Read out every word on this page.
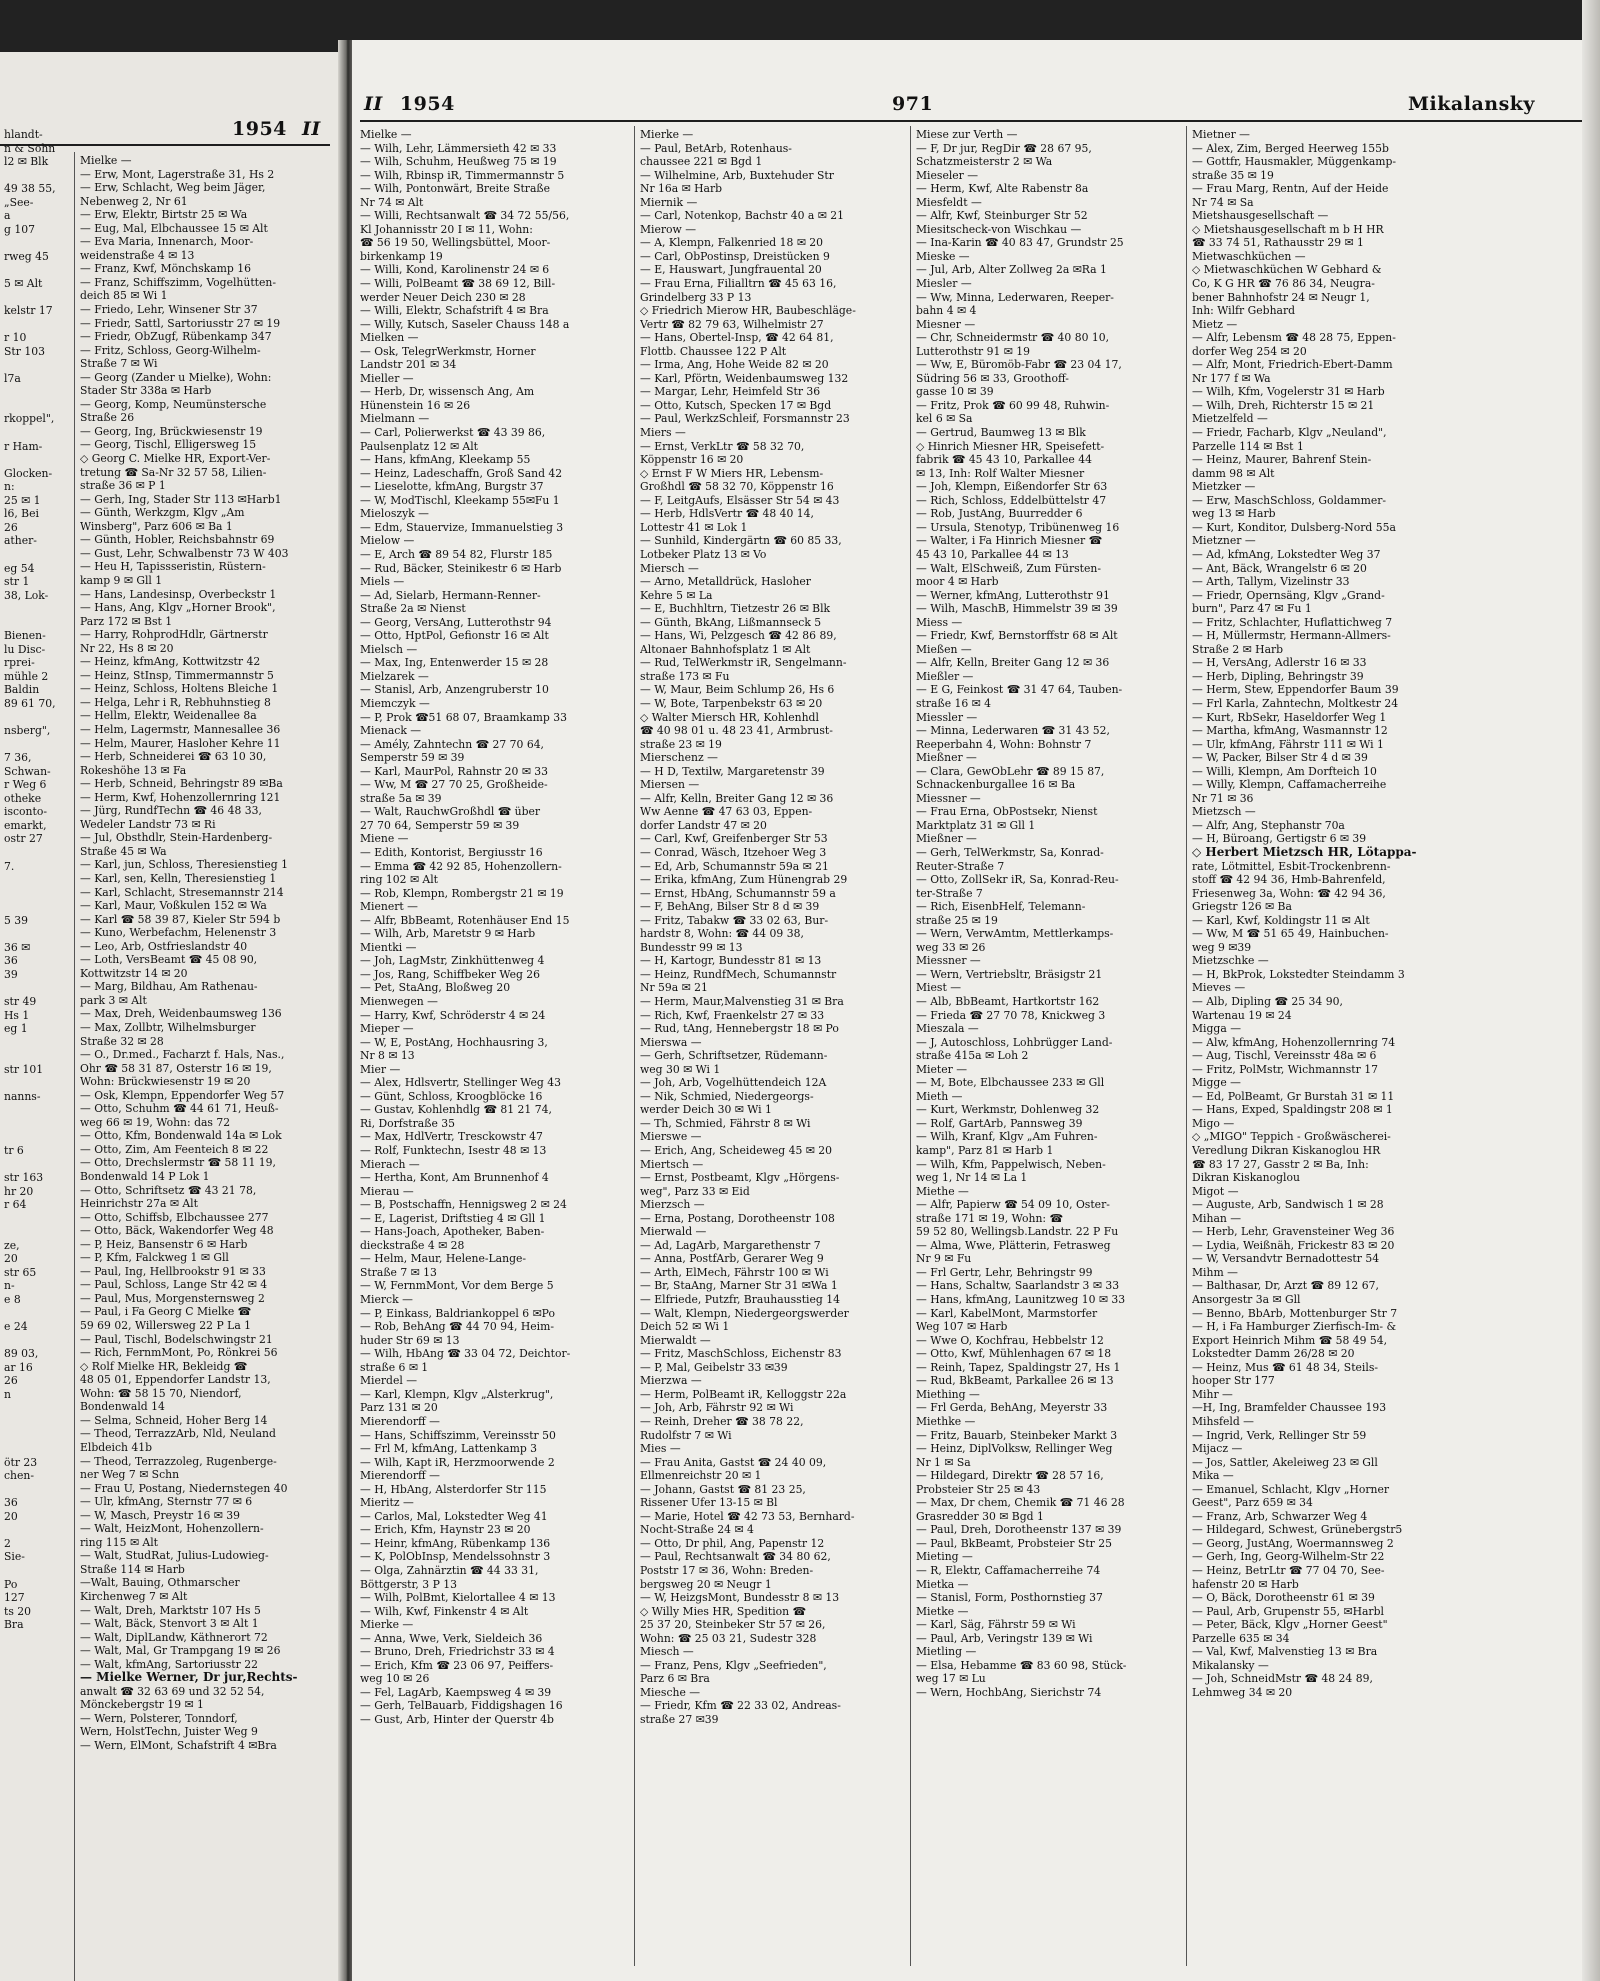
1954 II
hlandt-
n & Sohn
l2 ✉ Blk

49 38 55,
„See-
a
g 107

rweg 45

5 ✉ Alt

kelstr 17

r 10
Str 103

l7a

rkoppel",

r Ham-

Glocken-
n:
25 ✉ 1
l6, Bei
26
ather-

eg 54
str 1
38, Lok-

Bienen-
lu Disc-
rprei-
mühle 2
Baldin
89 61 70,

nsberg",

7 36,
Schwan-
r Weg 6
otheke
isconto-
emarkt,
ostr 27

7.

5 39

36 ✉
36
39

str 49
Hs 1
eg 1

str 101

nanns-

tr 6

str 163
hr 20
r 64

ze,
20
str 65
n-
e 8

e 24

89 03,
ar 16
26
n

ötr 23
chen-

36
20

2
Sie-

Po
127
ts 20
Bra
Mielke —
— Erw, Mont, Lagerstraße 31, Hs 2
— Erw, Schlacht, Weg beim Jäger,
Nebenweg 2, Nr 61
— Erw, Elektr, Birtstr 25 ✉ Wa
— Eug, Mal, Elbchaussee 15 ✉ Alt
— Eva Maria, Innenarch, Moor-
weidenstraße 4 ✉ 13
— Franz, Kwf, Mönchskamp 16
— Franz, Schiffszimm, Vogelhütten-
deich 85 ✉ Wi 1
— Friedo, Lehr, Winsener Str 37
— Friedr, Sattl, Sartoriusstr 27 ✉ 19
— Friedr, ObZugf, Rübenkamp 347
— Fritz, Schloss, Georg-Wilhelm-
Straße 7 ✉ Wi
— Georg (Zander u Mielke), Wohn:
Stader Str 338a ✉ Harb
— Georg, Komp, Neumünstersche
Straße 26
— Georg, Ing, Brückwiesenstr 19
— Georg, Tischl, Elligersweg 15
◇ Georg C. Mielke HR, Export-Ver-
tretung ☎ Sa-Nr 32 57 58, Lilien-
straße 36 ✉ P 1
— Gerh, Ing, Stader Str 113 ✉Harb1
— Günth, Werkzgm, Klgv „Am
Winsberg", Parz 606 ✉ Ba 1
— Günth, Hobler, Reichsbahnstr 69
— Gust, Lehr, Schwalbenstr 73 W 403
— Heu H, Tapissseristin, Rüstern-
kamp 9 ✉ Gll 1
— Hans, Landesinsp, Overbeckstr 1
— Hans, Ang, Klgv „Horner Brook",
Parz 172 ✉ Bst 1
— Harry, RohprodHdlr, Gärtnerstr
Nr 22, Hs 8 ✉ 20
— Heinz, kfmAng, Kottwitzstr 42
— Heinz, StInsp, Timmermannstr 5
— Heinz, Schloss, Holtens Bleiche 1
— Helga, Lehr i R, Rebhuhnstieg 8
— Hellm, Elektr, Weidenallee 8a
— Helm, Lagermstr, Mannesallee 36
— Helm, Maurer, Hasloher Kehre 11
— Herb, Schneiderei ☎ 63 10 30,
Rokeshöhe 13 ✉ Fa
— Herb, Schneid, Behringstr 89 ✉Ba
— Herm, Kwf, Hohenzollernring 121
— Jürg, RundfTechn ☎ 46 48 33,
Wedeler Landstr 73 ✉ Ri
— Jul, Obsthdlr, Stein-Hardenberg-
Straße 45 ✉ Wa
— Karl, jun, Schloss, Theresienstieg 1
— Karl, sen, Kelln, Theresienstieg 1
— Karl, Schlacht, Stresemannstr 214
— Karl, Maur, Voßkulen 152 ✉ Wa
— Karl ☎ 58 39 87, Kieler Str 594 b
— Kuno, Werbefachm, Helenenstr 3
— Leo, Arb, Ostfrieslandstr 40
— Loth, VersBeamt ☎ 45 08 90,
Kottwitzstr 14 ✉ 20
— Marg, Bildhau, Am Rathenau-
park 3 ✉ Alt
— Max, Dreh, Weidenbaumsweg 136
— Max, Zollbtr, Wilhelmsburger
Straße 32 ✉ 28
— O., Dr.med., Facharzt f. Hals, Nas.,
Ohr ☎ 58 31 87, Osterstr 16 ✉ 19,
Wohn: Brückwiesenstr 19 ✉ 20
— Osk, Klempn, Eppendorfer Weg 57
— Otto, Schuhm ☎ 44 61 71, Heuß-
weg 66 ✉ 19, Wohn: das 72
— Otto, Kfm, Bondenwald 14a ✉ Lok
— Otto, Zim, Am Feenteich 8 ✉ 22
— Otto, Drechslermstr ☎ 58 11 19,
Bondenwald 14 P Lok 1
— Otto, Schriftsetz ☎ 43 21 78,
Heinrichstr 27a ✉ Alt
— Otto, Schiffsb, Elbchaussee 277
— Otto, Bäck, Wakendorfer Weg 48
— P, Heiz, Bansenstr 6 ✉ Harb
— P, Kfm, Falckweg 1 ✉ Gll
— Paul, Ing, Hellbrookstr 91 ✉ 33
— Paul, Schloss, Lange Str 42 ✉ 4
— Paul, Mus, Morgensternsweg 2
— Paul, i Fa Georg C Mielke ☎
59 69 02, Willersweg 22 P La 1
— Paul, Tischl, Bodelschwingstr 21
— Rich, FernmMont, Po, Rönkrei 56
◇ Rolf Mielke HR, Bekleidg ☎
48 05 01, Eppendorfer Landstr 13,
Wohn: ☎ 58 15 70, Niendorf,
Bondenwald 14
— Selma, Schneid, Hoher Berg 14
— Theod, TerrazzArb, Nld, Neuland
Elbdeich 41b
— Theod, Terrazzoleg, Rugenberge-
ner Weg 7 ✉ Schn
— Frau U, Postang, Niedernstegen 40
— Ulr, kfmAng, Sternstr 77 ✉ 6
— W, Masch, Preystr 16 ✉ 39
— Walt, HeizMont, Hohenzollern-
ring 115 ✉ Alt
— Walt, StudRat, Julius-Ludowieg-
Straße 114 ✉ Harb
—Walt, Bauing, Othmarscher
Kirchenweg 7 ✉ Alt
— Walt, Dreh, Marktstr 107 Hs 5
— Walt, Bäck, Stenvort 3 ✉ Alt 1
— Walt, DiplLandw, Käthnerort 72
— Walt, Mal, Gr Trampgang 19 ✉ 26
— Walt, kfmAng, Sartoriusstr 22
— Mielke Werner, Dr jur,Rechts-
anwalt ☎ 32 63 69 und 32 52 54,
Mönckebergstr 19 ✉ 1
— Wern, Polsterer, Tonndorf,
Wern, HolstTechn, Juister Weg 9
— Wern, ElMont, Schafstrift 4 ✉Bra
II 1954	971	Mikalansky
Mielke —
— Wilh, Lehr, Lämmersieth 42 ✉ 33
— Wilh, Schuhm, Heußweg 75 ✉ 19
— Wilh, Rbinsp iR, Timmermannstr 5
— Wilh, Pontonwärt, Breite Straße
Nr 74 ✉ Alt
— Willi, Rechtsanwalt ☎ 34 72 55/56,
Kl Johannisstr 20 I ✉ 11, Wohn:
☎ 56 19 50, Wellingsbüttel, Moor-
birkenkamp 19
— Willi, Kond, Karolinenstr 24 ✉ 6
— Willi, PolBeamt ☎ 38 69 12, Bill-
werder Neuer Deich 230 ✉ 28
— Willi, Elektr, Schafstrift 4 ✉ Bra
— Willy, Kutsch, Saseler Chauss 148 a
Mielken —
— Osk, TelegrWerkmstr, Horner
Landstr 201 ✉ 34
Mieller —
— Herb, Dr, wissensch Ang, Am
Hünenstein 16 ✉ 26
Mielmann —
— Carl, Polierwerkst ☎ 43 39 86,
Paulsenplatz 12 ✉ Alt
— Hans, kfmAng, Kleekamp 55
— Heinz, Ladeschaffn, Groß Sand 42
— Lieselotte, kfmAng, Burgstr 37
— W, ModTischl, Kleekamp 55✉Fu 1
Mieloszyk —
— Edm, Stauervize, Immanuelstieg 3
Mielow —
— E, Arch ☎ 89 54 82, Flurstr 185
— Rud, Bäcker, Steinikestr 6 ✉ Harb
Miels —
— Ad, Sielarb, Hermann-Renner-
Straße 2a ✉ Nienst
— Georg, VersAng, Lutterothstr 94
— Otto, HptPol, Gefionstr 16 ✉ Alt
Mielsch —
— Max, Ing, Entenwerder 15 ✉ 28
Mielzarek —
— Stanisl, Arb, Anzengruberstr 10
Miemczyk —
— P, Prok ☎51 68 07, Braamkamp 33
Mienack —
— Amély, Zahntechn ☎ 27 70 64,
Semperstr 59 ✉ 39
— Karl, MaurPol, Rahnstr 20 ✉ 33
— Ww, M ☎ 27 70 25, Großheide-
straße 5a ✉ 39
— Walt, RauchwGroßhdl ☎ über
27 70 64, Semperstr 59 ✉ 39
Miene —
— Edith, Kontorist, Bergiusstr 16
— Emma ☎ 42 92 85, Hohenzollern-
ring 102 ✉ Alt
— Rob, Klempn, Rombergstr 21 ✉ 19
Mienert —
— Alfr, BbBeamt, Rotenhäuser End 15
— Wilh, Arb, Maretstr 9 ✉ Harb
Mientki —
— Joh, LagMstr, Zinkhüttenweg 4
— Jos, Rang, Schiffbeker Weg 26
— Pet, StaAng, Bloßweg 20
Mienwegen —
— Harry, Kwf, Schröderstr 4 ✉ 24
Mieper —
— W, E, PostAng, Hochhausring 3,
Nr 8 ✉ 13
Mier —
— Alex, Hdlsvertr, Stellinger Weg 43
— Günt, Schloss, Kroogblöcke 16
— Gustav, Kohlenhdlg ☎ 81 21 74,
Ri, Dorfstraße 35
— Max, HdlVertr, Tresckowstr 47
— Rolf, Funktechn, Isestr 48 ✉ 13
Mierach —
— Hertha, Kont, Am Brunnenhof 4
Mierau —
— B, Postschaffn, Hennigsweg 2 ✉ 24
— E, Lagerist, Driftstieg 4 ✉ Gll 1
— Hans-Joach, Apotheker, Baben-
dieckstraße 4 ✉ 28
— Helm, Maur, Helene-Lange-
Straße 7 ✉ 13
— W, FernmMont, Vor dem Berge 5
Mierck —
— P, Einkass, Baldriankoppel 6 ✉Po
— Rob, BehAng ☎ 44 70 94, Heim-
huder Str 69 ✉ 13
— Wilh, HbAng ☎ 33 04 72, Deichtor-
straße 6 ✉ 1
Mierdel —
— Karl, Klempn, Klgv „Alsterkrug",
Parz 131 ✉ 20
Mierendorff —
— Hans, Schiffszimm, Vereinsstr 50
— Frl M, kfmAng, Lattenkamp 3
— Wilh, Kapt iR, Herzmoorwende 2
Mierendorff —
— H, HbAng, Alsterdorfer Str 115
Mieritz —
— Carlos, Mal, Lokstedter Weg 41
— Erich, Kfm, Haynstr 23 ✉ 20
— Heinr, kfmAng, Rübenkamp 136
— K, PolObInsp, Mendelssohnstr 3
— Olga, Zahnärztin ☎ 44 33 31,
Böttgerstr, 3 P 13
— Wilh, PolBmt, Kielortallee 4 ✉ 13
— Wilh, Kwf, Finkenstr 4 ✉ Alt
Mierke —
— Anna, Wwe, Verk, Sieldeich 36
— Bruno, Dreh, Friedrichstr 33 ✉ 4
— Erich, Kfm ☎ 23 06 97, Peiffers-
weg 10 ✉ 26
— Fel, LagArb, Kaempsweg 4 ✉ 39
— Gerh, TelBauarb, Fiddigshagen 16
— Gust, Arb, Hinter der Querstr 4b
Mierke —
— Paul, BetArb, Rotenhaus-
chaussee 221 ✉ Bgd 1
— Wilhelmine, Arb, Buxtehuder Str
Nr 16a ✉ Harb
Miernik —
— Carl, Notenkop, Bachstr 40 a ✉ 21
Mierow —
— A, Klempn, Falkenried 18 ✉ 20
— Carl, ObPostinsp, Dreistücken 9
— E, Hauswart, Jungfrauental 20
— Frau Erna, Filialltrn ☎ 45 63 16,
Grindelberg 33 P 13
◇ Friedrich Mierow HR, Baubeschläge-
Vertr ☎ 82 79 63, Wilhelmistr 27
— Hans, Obertel-Insp, ☎ 42 64 81,
Flottb. Chaussee 122 P Alt
— Irma, Ang, Hohe Weide 82 ✉ 20
— Karl, Pförtn, Weidenbaumsweg 132
— Margar, Lehr, Heimfeld Str 36
— Otto, Kutsch, Specken 17 ✉ Bgd
— Paul, WerkzSchleif, Forsmannstr 23
Miers —
— Ernst, VerkLtr ☎ 58 32 70,
Köppenstr 16 ✉ 20
◇ Ernst F W Miers HR, Lebensm-
Großhdl ☎ 58 32 70, Köppenstr 16
— F, LeitgAufs, Elsässer Str 54 ✉ 43
— Herb, HdlsVertr ☎ 48 40 14,
Lottestr 41 ✉ Lok 1
— Sunhild, Kindergärtn ☎ 60 85 33,
Lotbeker Platz 13 ✉ Vo
Miersch —
— Arno, Metalldrück, Hasloher
Kehre 5 ✉ La
— E, Buchhltrn, Tietzestr 26 ✉ Blk
— Günth, BkAng, Lißmannseck 5
— Hans, Wi, Pelzgesch ☎ 42 86 89,
Altonaer Bahnhofsplatz 1 ✉ Alt
— Rud, TelWerkmstr iR, Sengelmann-
straße 173 ✉ Fu
— W, Maur, Beim Schlump 26, Hs 6
— W, Bote, Tarpenbekstr 63 ✉ 20
◇ Walter Miersch HR, Kohlenhdl
☎ 40 98 01 u. 48 23 41, Armbrust-
straße 23 ✉ 19
Mierschenz —
— H D, Textilw, Margaretenstr 39
Miersen —
— Alfr, Kelln, Breiter Gang 12 ✉ 36
Ww Aenne ☎ 47 63 03, Eppen-
dorfer Landstr 47 ✉ 20
— Carl, Kwf, Greifenberger Str 53
— Conrad, Wäsch, Itzehoer Weg 3
— Ed, Arb, Schumannstr 59a ✉ 21
— Erika, kfmAng, Zum Hünengrab 29
— Ernst, HbAng, Schumannstr 59 a
— F, BehAng, Bilser Str 8 d ✉ 39
— Fritz, Tabakw ☎ 33 02 63, Bur-
hardstr 8, Wohn: ☎ 44 09 38,
Bundesstr 99 ✉ 13
— H, Kartogr, Bundesstr 81 ✉ 13
— Heinz, RundfMech, Schumannstr
Nr 59a ✉ 21
— Herm, Maur,Malvenstieg 31 ✉ Bra
— Rich, Kwf, Fraenkelstr 27 ✉ 33
— Rud, tAng, Hennebergstr 18 ✉ Po
Mierswa —
— Gerh, Schriftsetzer, Rüdemann-
weg 30 ✉ Wi 1
— Joh, Arb, Vogelhüttendeich 12A
— Nik, Schmied, Niedergeorgs-
werder Deich 30 ✉ Wi 1
— Th, Schmied, Fährstr 8 ✉ Wi
Mierswe —
— Erich, Ang, Scheideweg 45 ✉ 20
Miertsch —
— Ernst, Postbeamt, Klgv „Hörgens-
weg", Parz 33 ✉ Eid
Mierzsch —
— Erna, Postang, Dorotheenstr 108
Mierwald —
— Ad, LagArb, Margarethenstr 7
— Anna, PostfArb, Gerarer Weg 9
— Arth, ElMech, Fährstr 100 ✉ Wi
— Br, StaAng, Marner Str 31 ✉Wa 1
— Elfriede, Putzfr, Brauhausstieg 14
— Walt, Klempn, Niedergeorgswerder
Deich 52 ✉ Wi 1
Mierwaldt —
— Fritz, MaschSchloss, Eichenstr 83
— P, Mal, Geibelstr 33 ✉39
Mierzwa —
— Herm, PolBeamt iR, Kelloggstr 22a
— Joh, Arb, Fährstr 92 ✉ Wi
— Reinh, Dreher ☎ 38 78 22,
Rudolfstr 7 ✉ Wi
Mies —
— Frau Anita, Gastst ☎ 24 40 09,
Ellmenreichstr 20 ✉ 1
— Johann, Gastst ☎ 81 23 25,
Rissener Ufer 13-15 ✉ Bl
— Marie, Hotel ☎ 42 73 53, Bernhard-
Nocht-Straße 24 ✉ 4
— Otto, Dr phil, Ang, Papenstr 12
— Paul, Rechtsanwalt ☎ 34 80 62,
Poststr 17 ✉ 36, Wohn: Breden-
bergsweg 20 ✉ Neugr 1
— W, HeizgsMont, Bundesstr 8 ✉ 13
◇ Willy Mies HR, Spedition ☎
25 37 20, Steinbeker Str 57 ✉ 26,
Wohn: ☎ 25 03 21, Sudestr 328
Miesch —
— Franz, Pens, Klgv „Seefrieden",
Parz 6 ✉ Bra
Miesche —
— Friedr, Kfm ☎ 22 33 02, Andreas-
straße 27 ✉39
Miese zur Verth —
— F, Dr jur, RegDir ☎ 28 67 95,
Schatzmeisterstr 2 ✉ Wa
Mieseler —
— Herm, Kwf, Alte Rabenstr 8a
Miesfeldt —
— Alfr, Kwf, Steinburger Str 52
Miesitscheck-von Wischkau —
— Ina-Karin ☎ 40 83 47, Grundstr 25
Mieske —
— Jul, Arb, Alter Zollweg 2a ✉Ra 1
Miesler —
— Ww, Minna, Lederwaren, Reeper-
bahn 4 ✉ 4
Miesner —
— Chr, Schneidermstr ☎ 40 80 10,
Lutterothstr 91 ✉ 19
— Ww, E, Büromöb-Fabr ☎ 23 04 17,
Südring 56 ✉ 33, Groothoff-
gasse 10 ✉ 39
— Fritz, Prok ☎ 60 99 48, Ruhwin-
kel 6 ✉ Sa
— Gertrud, Baumweg 13 ✉ Blk
◇ Hinrich Miesner HR, Speisefett-
fabrik ☎ 45 43 10, Parkallee 44
✉ 13, Inh: Rolf Walter Miesner
— Joh, Klempn, Eißendorfer Str 63
— Rich, Schloss, Eddelbüttelstr 47
— Rob, JustAng, Buurredder 6
— Ursula, Stenotyp, Tribünenweg 16
— Walter, i Fa Hinrich Miesner ☎
45 43 10, Parkallee 44 ✉ 13
— Walt, ElSchweiß, Zum Fürsten-
moor 4 ✉ Harb
— Werner, kfmAng, Lutterothstr 91
— Wilh, MaschB, Himmelstr 39 ✉ 39
Miess —
— Friedr, Kwf, Bernstorffstr 68 ✉ Alt
Mießen —
— Alfr, Kelln, Breiter Gang 12 ✉ 36
Mießler —
— E G, Feinkost ☎ 31 47 64, Tauben-
straße 16 ✉ 4
Miessler —
— Minna, Lederwaren ☎ 31 43 52,
Reeperbahn 4, Wohn: Bohnstr 7
Mießner —
— Clara, GewObLehr ☎ 89 15 87,
Schnackenburgallee 16 ✉ Ba
Miessner —
— Frau Erna, ObPostsekr, Nienst
Marktplatz 31 ✉ Gll 1
Mießner —
— Gerh, TelWerkmstr, Sa, Konrad-
Reuter-Straße 7
— Otto, ZollSekr iR, Sa, Konrad-Reu-
ter-Straße 7
— Rich, EisenbHelf, Telemann-
straße 25 ✉ 19
— Wern, VerwAmtm, Mettlerkamps-
weg 33 ✉ 26
Miessner —
— Wern, Vertriebsltr, Bräsigstr 21
Miest —
— Alb, BbBeamt, Hartkortstr 162
— Frieda ☎ 27 70 78, Knickweg 3
Mieszala —
— J, Autoschloss, Lohbrügger Land-
straße 415a ✉ Loh 2
Mieter —
— M, Bote, Elbchaussee 233 ✉ Gll
Mieth —
— Kurt, Werkmstr, Dohlenweg 32
— Rolf, GartArb, Pannsweg 39
— Wilh, Kranf, Klgv „Am Fuhren-
kamp", Parz 81 ✉ Harb 1
— Wilh, Kfm, Pappelwisch, Neben-
weg 1, Nr 14 ✉ La 1
Miethe —
— Alfr, Papierw ☎ 54 09 10, Oster-
straße 171 ✉ 19, Wohn: ☎
59 52 80, Wellingsb.Landstr. 22 P Fu
— Alma, Wwe, Plätterin, Fetrasweg
Nr 9 ✉ Fu
— Frl Gertr, Lehr, Behringstr 99
— Hans, Schaltw, Saarlandstr 3 ✉ 33
— Hans, kfmAng, Launitzweg 10 ✉ 33
— Karl, KabelMont, Marmstorfer
Weg 107 ✉ Harb
— Wwe O, Kochfrau, Hebbelstr 12
— Otto, Kwf, Mühlenhagen 67 ✉ 18
— Reinh, Tapez, Spaldingstr 27, Hs 1
— Rud, BkBeamt, Parkallee 26 ✉ 13
Miething —
— Frl Gerda, BehAng, Meyerstr 33
Miethke —
— Fritz, Bauarb, Steinbeker Markt 3
— Heinz, DiplVolksw, Rellinger Weg
Nr 1 ✉ Sa
— Hildegard, Direktr ☎ 28 57 16,
Probsteier Str 25 ✉ 43
— Max, Dr chem, Chemik ☎ 71 46 28
Grasredder 30 ✉ Bgd 1
— Paul, Dreh, Dorotheenstr 137 ✉ 39
— Paul, BkBeamt, Probsteier Str 25
Mieting —
— R, Elektr, Caffamacherreihe 74
Mietka —
— Stanisl, Form, Posthornstieg 37
Mietke —
— Karl, Säg, Fährstr 59 ✉ Wi
— Paul, Arb, Veringstr 139 ✉ Wi
Mietling —
— Elsa, Hebamme ☎ 83 60 98, Stück-
weg 17 ✉ Lu
— Wern, HochbAng, Sierichstr 74
Mietner —
— Alex, Zim, Berged Heerweg 155b
— Gottfr, Hausmakler, Müggenkamp-
straße 35 ✉ 19
— Frau Marg, Rentn, Auf der Heide
Nr 74 ✉ Sa
Mietshausgesellschaft —
◇ Mietshausgesellschaft m b H HR
☎ 33 74 51, Rathausstr 29 ✉ 1
Mietwaschküchen —
◇ Mietwaschküchen W Gebhard &
Co, K G HR ☎ 76 86 34, Neugra-
bener Bahnhofstr 24 ✉ Neugr 1,
Inh: Wilfr Gebhard
Mietz —
— Alfr, Lebensm ☎ 48 28 75, Eppen-
dorfer Weg 254 ✉ 20
— Alfr, Mont, Friedrich-Ebert-Damm
Nr 177 f ✉ Wa
— Wilh, Kfm, Vogelerstr 31 ✉ Harb
— Wilh, Dreh, Richterstr 15 ✉ 21
Mietzelfeld —
— Friedr, Facharb, Klgv „Neuland",
Parzelle 114 ✉ Bst 1
— Heinz, Maurer, Bahrenf Stein-
damm 98 ✉ Alt
Mietzker —
— Erw, MaschSchloss, Goldammer-
weg 13 ✉ Harb
— Kurt, Konditor, Dulsberg-Nord 55a
Mietzner —
— Ad, kfmAng, Lokstedter Weg 37
— Ant, Bäck, Wrangelstr 6 ✉ 20
— Arth, Tallym, Vizelinstr 33
— Friedr, Opernsäng, Klgv „Grand-
burn", Parz 47 ✉ Fu 1
— Fritz, Schlachter, Huflattichweg 7
— H, Müllermstr, Hermann-Allmers-
Straße 2 ✉ Harb
— H, VersAng, Adlerstr 16 ✉ 33
— Herb, Dipling, Behringstr 39
— Herm, Stew, Eppendorfer Baum 39
— Frl Karla, Zahntechn, Moltkestr 24
— Kurt, RbSekr, Haseldorfer Weg 1
— Martha, kfmAng, Wasmannstr 12
— Ulr, kfmAng, Fährstr 111 ✉ Wi 1
— W, Packer, Bilser Str 4 d ✉ 39
— Willi, Klempn, Am Dorfteich 10
— Willy, Klempn, Caffamacherreihe
Nr 71 ✉ 36
Mietzsch —
— Alfr, Ang, Stephanstr 70a
— H, Büroang, Gertigstr 6 ✉ 39
◇ Herbert Mietzsch HR, Lötappa-
rate, Lötmittel, Esbit-Trockenbrenn-
stoff ☎ 42 94 36, Hmb-Bahrenfeld,
Friesenweg 3a, Wohn: ☎ 42 94 36,
Griegstr 126 ✉ Ba
— Karl, Kwf, Koldingstr 11 ✉ Alt
— Ww, M ☎ 51 65 49, Hainbuchen-
weg 9 ✉39
Mietzschke —
— H, BkProk, Lokstedter Steindamm 3
Mieves —
— Alb, Dipling ☎ 25 34 90,
Wartenau 19 ✉ 24
Migga —
— Alw, kfmAng, Hohenzollernring 74
— Aug, Tischl, Vereinsstr 48a ✉ 6
— Fritz, PolMstr, Wichmannstr 17
Migge —
— Ed, PolBeamt, Gr Burstah 31 ✉ 11
— Hans, Exped, Spaldingstr 208 ✉ 1
Migo —
◇ „MIGO" Teppich - Großwäscherei-
Veredlung Dikran Kiskanoglou HR
☎ 83 17 27, Gasstr 2 ✉ Ba, Inh:
Dikran Kiskanoglou
Migot —
— Auguste, Arb, Sandwisch 1 ✉ 28
Mihan —
— Herb, Lehr, Gravensteiner Weg 36
— Lydia, Weißnäh, Frickestr 83 ✉ 20
— W, Versandvtr Bernadottestr 54
Mihm —
— Balthasar, Dr, Arzt ☎ 89 12 67,
Ansorgestr 3a ✉ Gll
— Benno, BbArb, Mottenburger Str 7
— H, i Fa Hamburger Zierfisch-Im- &
Export Heinrich Mihm ☎ 58 49 54,
Lokstedter Damm 26/28 ✉ 20
— Heinz, Mus ☎ 61 48 34, Steils-
hooper Str 177
Mihr —
—H, Ing, Bramfelder Chaussee 193
Mihsfeld —
— Ingrid, Verk, Rellinger Str 59
Mijacz —
— Jos, Sattler, Akeleiweg 23 ✉ Gll
Mika —
— Emanuel, Schlacht, Klgv „Horner
Geest", Parz 659 ✉ 34
— Franz, Arb, Schwarzer Weg 4
— Hildegard, Schwest, Grünebergstr5
— Georg, JustAng, Woermannsweg 2
— Gerh, Ing, Georg-Wilhelm-Str 22
— Heinz, BetrLtr ☎ 77 04 70, See-
hafenstr 20 ✉ Harb
— O, Bäck, Dorotheenstr 61 ✉ 39
— Paul, Arb, Grupenstr 55, ✉Harbl
— Peter, Bäck, Klgv „Horner Geest"
Parzelle 635 ✉ 34
— Val, Kwf, Malvenstieg 13 ✉ Bra
Mikalansky —
— Joh, SchneidMstr ☎ 48 24 89,
Lehmweg 34 ✉ 20
